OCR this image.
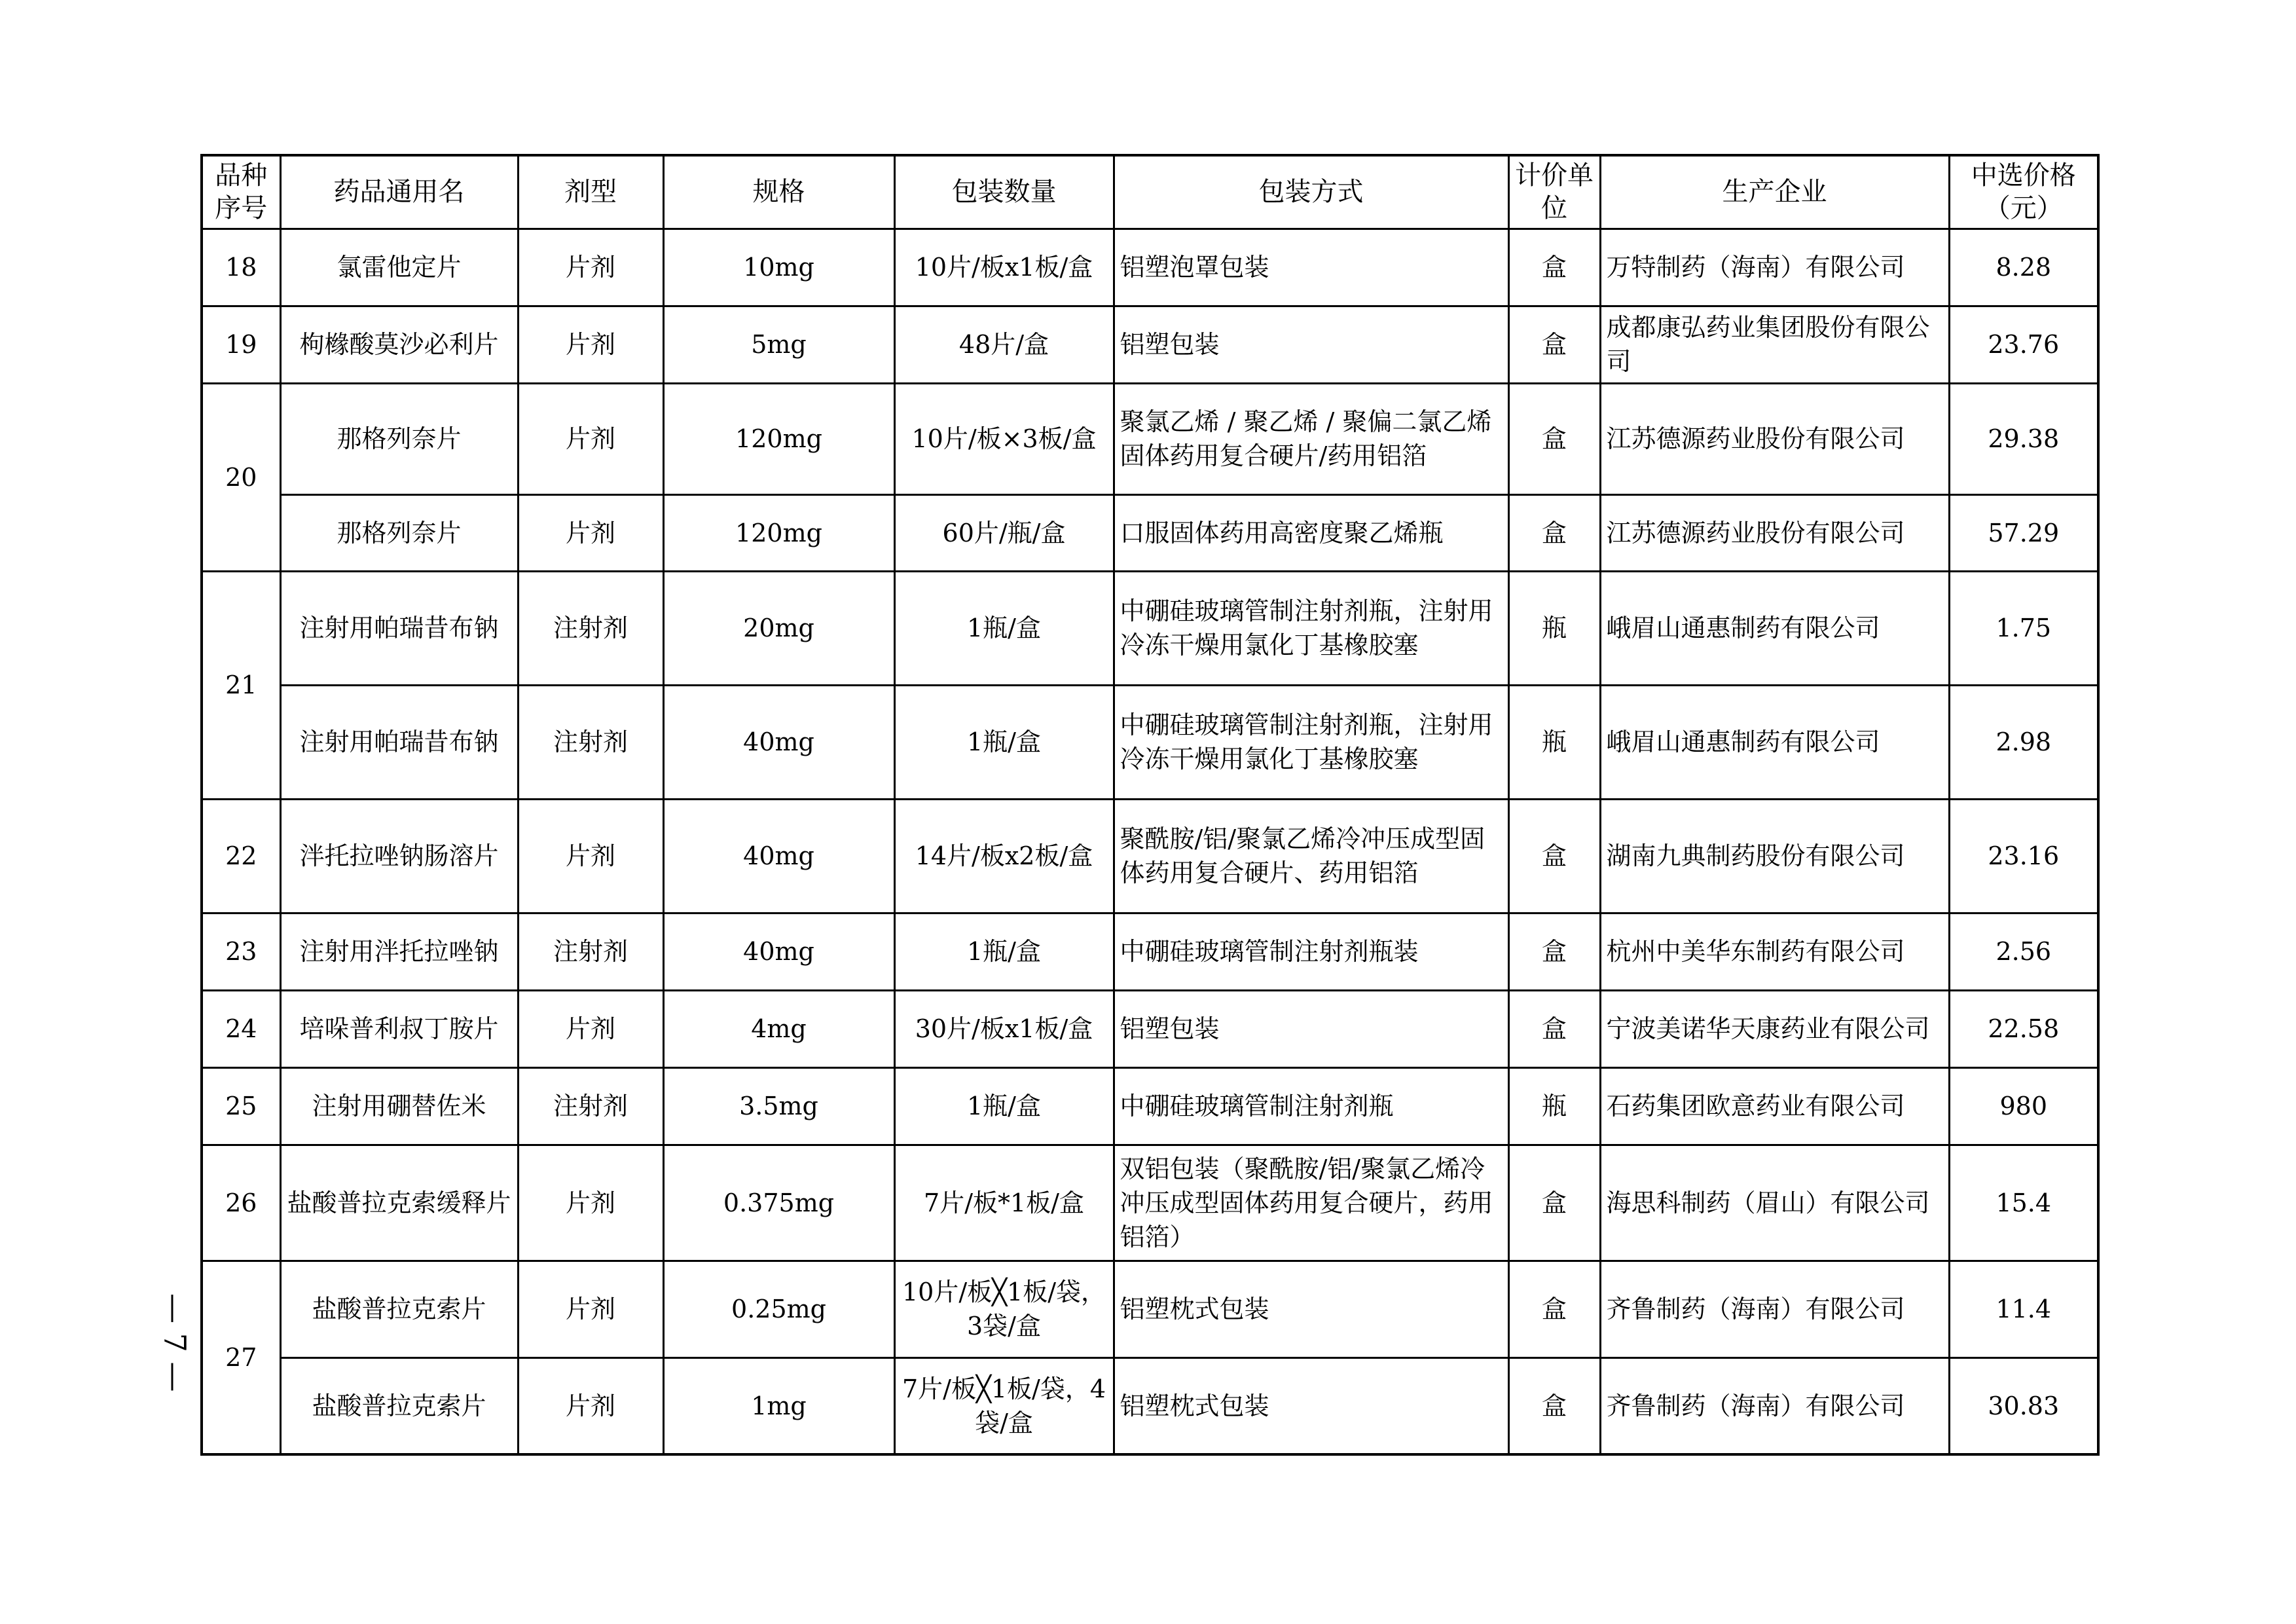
品种序号	药品通用名	剂型	规格	包装数量	包装方式	计价单位	生产企业	中选价格（元）
18	氯雷他定片	片剂	10mg	10片/板x1板/盒	铝塑泡罩包装	盒	万特制药（海南）有限公司	8.28
19	枸橼酸莫沙必利片	片剂	5mg	48片/盒	铝塑包装	盒	成都康弘药业集团股份有限公司	23.76
20	那格列奈片	片剂	120mg	10片/板×3板/盒	聚氯乙烯 / 聚乙烯 / 聚偏二氯乙烯固体药用复合硬片/药用铝箔	盒	江苏德源药业股份有限公司	29.38
	那格列奈片	片剂	120mg	60片/瓶/盒	口服固体药用高密度聚乙烯瓶	盒	江苏德源药业股份有限公司	57.29
21	注射用帕瑞昔布钠	注射剂	20mg	1瓶/盒	中硼硅玻璃管制注射剂瓶，注射用冷冻干燥用氯化丁基橡胶塞	瓶	峨眉山通惠制药有限公司	1.75
	注射用帕瑞昔布钠	注射剂	40mg	1瓶/盒	中硼硅玻璃管制注射剂瓶，注射用冷冻干燥用氯化丁基橡胶塞	瓶	峨眉山通惠制药有限公司	2.98
22	泮托拉唑钠肠溶片	片剂	40mg	14片/板x2板/盒	聚酰胺/铝/聚氯乙烯冷冲压成型固体药用复合硬片、药用铝箔	盒	湖南九典制药股份有限公司	23.16
23	注射用泮托拉唑钠	注射剂	40mg	1瓶/盒	中硼硅玻璃管制注射剂瓶装	盒	杭州中美华东制药有限公司	2.56
24	培哚普利叔丁胺片	片剂	4mg	30片/板x1板/盒	铝塑包装	盒	宁波美诺华天康药业有限公司	22.58
25	注射用硼替佐米	注射剂	3.5mg	1瓶/盒	中硼硅玻璃管制注射剂瓶	瓶	石药集团欧意药业有限公司	980
26	盐酸普拉克索缓释片	片剂	0.375mg	7片/板*1板/盒	双铝包装（聚酰胺/铝/聚氯乙烯冷冲压成型固体药用复合硬片，药用铝箔）	盒	海思科制药（眉山）有限公司	15.4
27	盐酸普拉克索片	片剂	0.25mg	10片/板╳1板/袋，3袋/盒	铝塑枕式包装	盒	齐鲁制药（海南）有限公司	11.4
	盐酸普拉克索片	片剂	1mg	7片/板╳1板/袋，4袋/盒	铝塑枕式包装	盒	齐鲁制药（海南）有限公司	30.83
— 7 —
